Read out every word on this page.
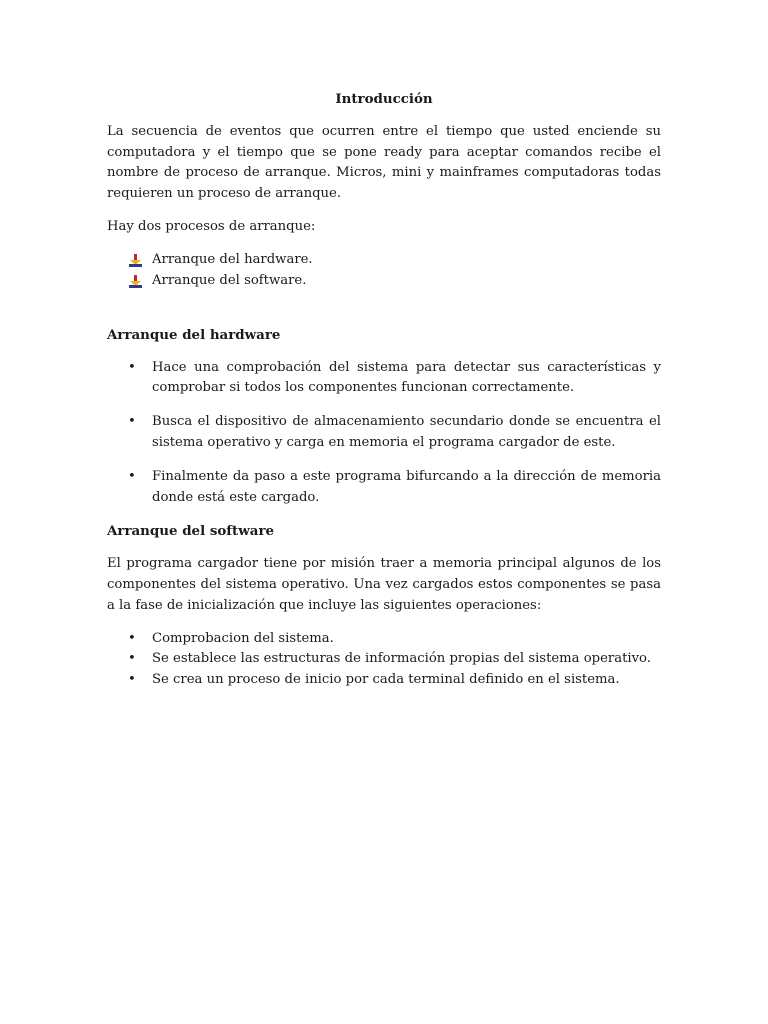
Introducción

La secuencia de eventos que ocurren entre el tiempo que usted enciende su computadora y el tiempo que se pone ready para aceptar comandos recibe el nombre de proceso de arranque. Micros, mini y mainframes computadoras todas requieren un proceso de arranque.

Hay dos procesos de arranque:

Arranque del hardware.
Arranque del software.
Arranque del hardware
• Hace una comprobación del sistema para detectar sus características y comprobar si todos los componentes funcionan correctamente.
• Busca el dispositivo de almacenamiento secundario donde se encuentra el sistema operativo y carga en memoria el programa cargador de este.
• Finalmente da paso a este programa bifurcando a la dirección de memoria donde está este cargado.
Arranque del software

El programa cargador tiene por misión traer a memoria principal algunos de los componentes del sistema operativo. Una vez cargados estos componentes se pasa a la fase de inicialización que incluye las siguientes operaciones:

• Comprobacion del sistema.
• Se establece las estructuras de información propias del sistema operativo.
• Se crea un proceso de inicio por cada terminal definido en el sistema.
